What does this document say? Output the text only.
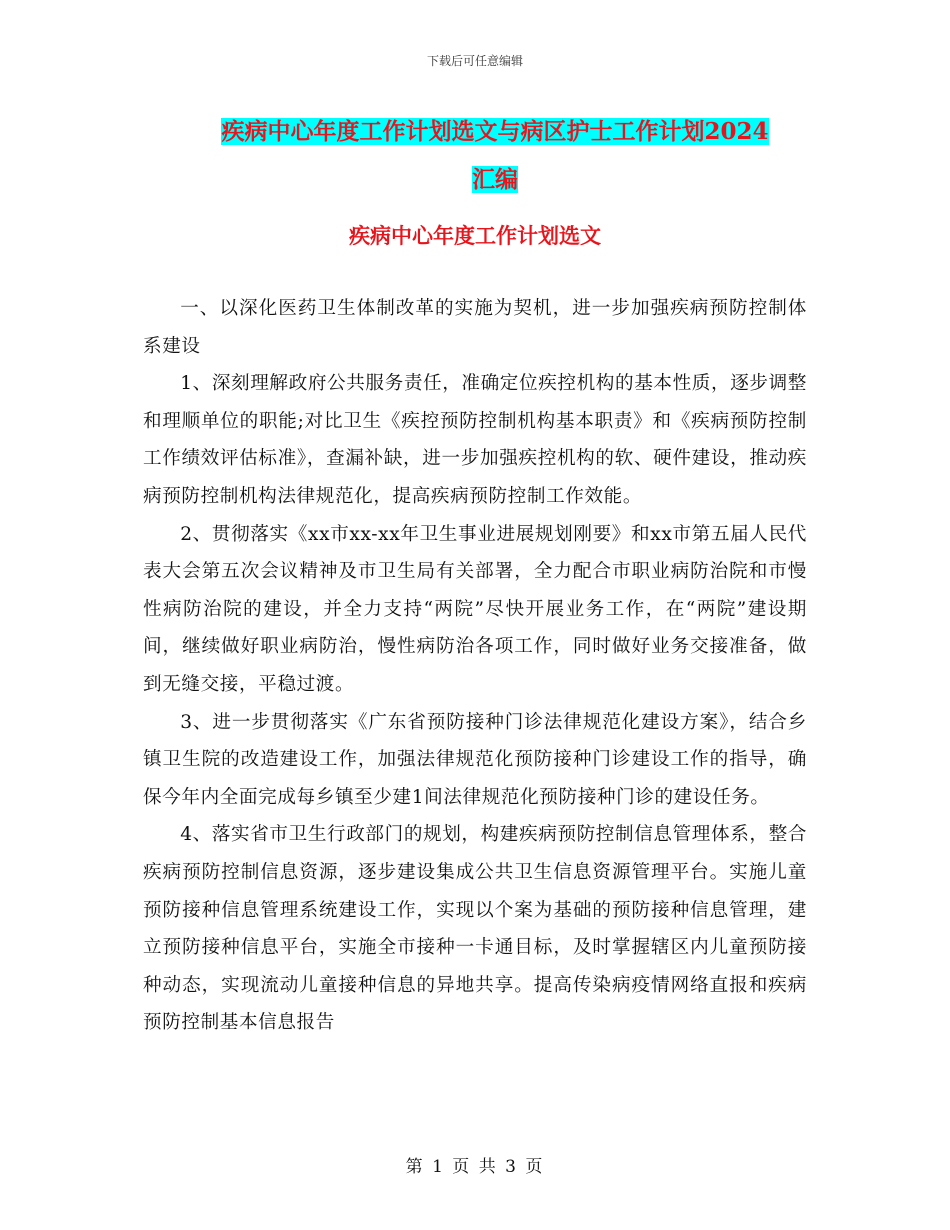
下载后可任意编辑
疾病中心年度工作计划选文与病区护士工作计划2024
汇编
疾病中心年度工作计划选文

一、以深化医药卫生体制改革的实施为契机，进一步加强疾病预防控制体系建设

1、深刻理解政府公共服务责任，准确定位疾控机构的基本性质，逐步调整和理顺单位的职能;对比卫生《疾控预防控制机构基本职责》和《疾病预防控制工作绩效评估标准》，查漏补缺，进一步加强疾控机构的软、硬件建设，推动疾病预防控制机构法律规范化，提高疾病预防控制工作效能。

2、贯彻落实《xx市xx-xx年卫生事业进展规划刚要》和xx市第五届人民代表大会第五次会议精神及市卫生局有关部署，全力配合市职业病防治院和市慢性病防治院的建设，并全力支持“两院”尽快开展业务工作，在“两院”建设期间，继续做好职业病防治，慢性病防治各项工作，同时做好业务交接准备，做到无缝交接，平稳过渡。

3、进一步贯彻落实《广东省预防接种门诊法律规范化建设方案》，结合乡镇卫生院的改造建设工作，加强法律规范化预防接种门诊建设工作的指导，确保今年内全面完成每乡镇至少建1间法律规范化预防接种门诊的建设任务。

4、落实省市卫生行政部门的规划，构建疾病预防控制信息管理体系，整合疾病预防控制信息资源，逐步建设集成公共卫生信息资源管理平台。实施儿童预防接种信息管理系统建设工作，实现以个案为基础的预防接种信息管理，建立预防接种信息平台，实施全市接种一卡通目标，及时掌握辖区内儿童预防接种动态，实现流动儿童接种信息的异地共享。提高传染病疫情网络直报和疾病预防控制基本信息报告

第 1 页 共 3 页
